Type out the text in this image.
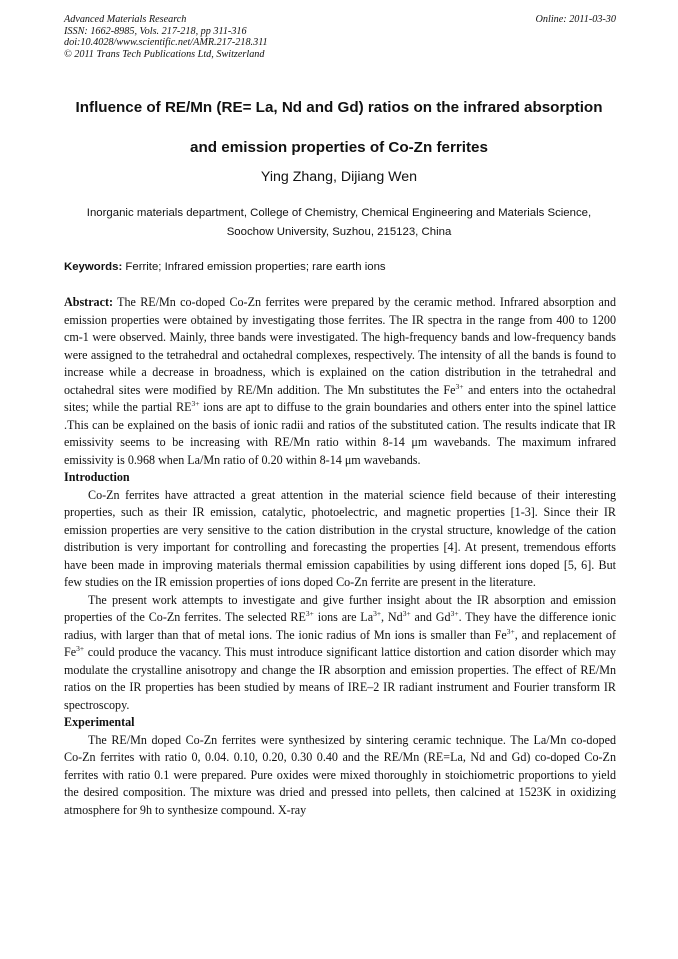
Advanced Materials Research
ISSN: 1662-8985, Vols. 217-218, pp 311-316
doi:10.4028/www.scientific.net/AMR.217-218.311
© 2011 Trans Tech Publications Ltd, Switzerland
Online: 2011-03-30
Influence of RE/Mn (RE= La, Nd and Gd) ratios on the infrared absorption
and emission properties of Co-Zn ferrites
Ying Zhang, Dijiang Wen
Inorganic materials department, College of Chemistry, Chemical Engineering and Materials Science,
Soochow University, Suzhou, 215123, China
Keywords: Ferrite; Infrared emission properties; rare earth ions

Abstract: The RE/Mn co-doped Co-Zn ferrites were prepared by the ceramic method. Infrared absorption and emission properties were obtained by investigating those ferrites. The IR spectra in the range from 400 to 1200 cm-1 were observed. Mainly, three bands were investigated. The high-frequency bands and low-frequency bands were assigned to the tetrahedral and octahedral complexes, respectively. The intensity of all the bands is found to increase while a decrease in broadness, which is explained on the cation distribution in the tetrahedral and octahedral sites were modified by RE/Mn addition. The Mn substitutes the $Fe^{3+}$ and enters into the octahedral sites; while the partial $RE^{3+}$ ions are apt to diffuse to the grain boundaries and others enter into the spinel lattice .This can be explained on the basis of ionic radii and ratios of the substituted cation. The results indicate that IR emissivity seems to be increasing with RE/Mn ratio within 8-14 μm wavebands. The maximum infrared emissivity is 0.968 when La/Mn ratio of 0.20 within 8-14 μm wavebands.

Introduction

Co-Zn ferrites have attracted a great attention in the material science field because of their interesting properties, such as their IR emission, catalytic, photoelectric, and magnetic properties [1-3]. Since their IR emission properties are very sensitive to the cation distribution in the crystal structure, knowledge of the cation distribution is very important for controlling and forecasting the properties [4]. At present, tremendous efforts have been made in improving materials thermal emission capabilities by using different ions doped [5, 6]. But few studies on the IR emission properties of ions doped Co-Zn ferrite are present in the literature.

The present work attempts to investigate and give further insight about the IR absorption and emission properties of the Co-Zn ferrites. The selected $RE^{3+}$ ions are $La^{3+}$, $Nd^{3+}$ and $Gd^{3+}$. They have the difference ionic radius, with larger than that of metal ions. The ionic radius of Mn ions is smaller than $Fe^{3+}$, and replacement of $Fe^{3+}$ could produce the vacancy. This must introduce significant lattice distortion and cation disorder which may modulate the crystalline anisotropy and change the IR absorption and emission properties. The effect of RE/Mn ratios on the IR properties has been studied by means of IRE–2 IR radiant instrument and Fourier transform IR spectroscopy.

Experimental

The RE/Mn doped Co-Zn ferrites were synthesized by sintering ceramic technique. The La/Mn co-doped Co-Zn ferrites with ratio 0, 0.04. 0.10, 0.20, 0.30 0.40 and the RE/Mn (RE=La, Nd and Gd) co-doped Co-Zn ferrites with ratio 0.1 were prepared. Pure oxides were mixed thoroughly in stoichiometric proportions to yield the desired composition. The mixture was dried and pressed into pellets, then calcined at 1523K in oxidizing atmosphere for 9h to synthesize compound. X-ray
